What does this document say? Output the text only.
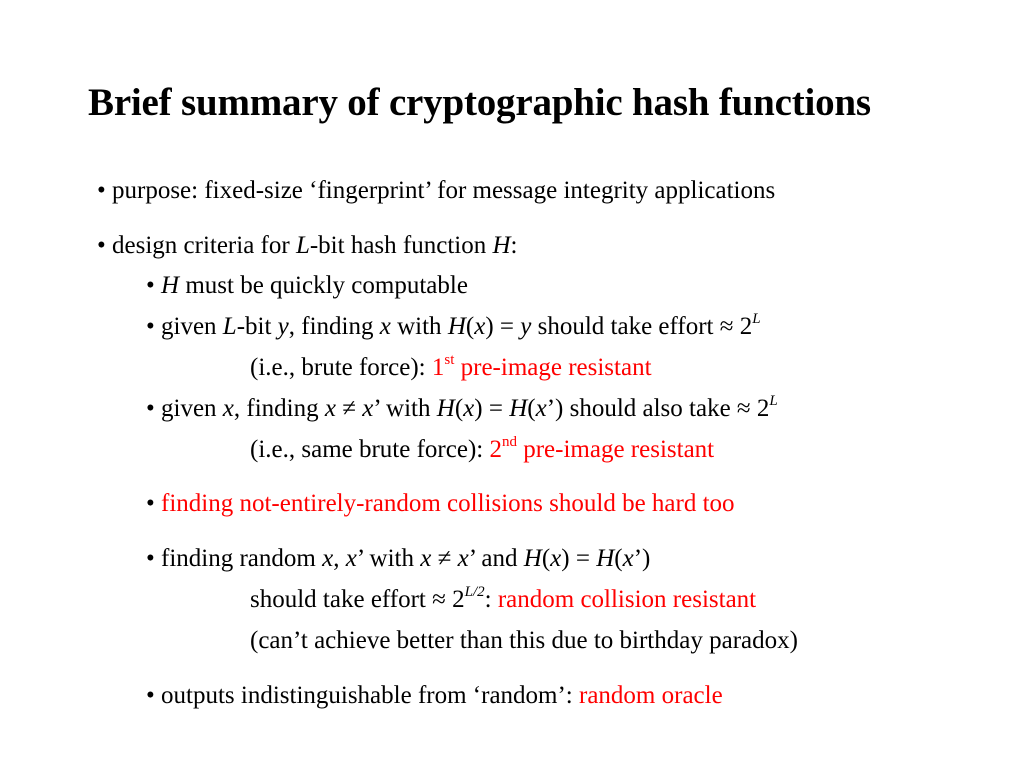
Brief summary of cryptographic hash functions
• purpose: fixed-size ‘fingerprint’ for message integrity applications
• design criteria for L-bit hash function H:
• H must be quickly computable
• given L-bit y, finding x with H(x) = y should take effort ≈ $2^L$
(i.e., brute force): 1st pre-image resistant
• given x, finding x ≠ x’ with H(x) = H(x’) should also take ≈ $2^L$
(i.e., same brute force): 2nd pre-image resistant
• finding not-entirely-random collisions should be hard too
• finding random x, x’ with x ≠ x’ and H(x) = H(x’)
should take effort ≈ $2^{L/2}$: random collision resistant
(can’t achieve better than this due to birthday paradox)
• outputs indistinguishable from ‘random’: random oracle
